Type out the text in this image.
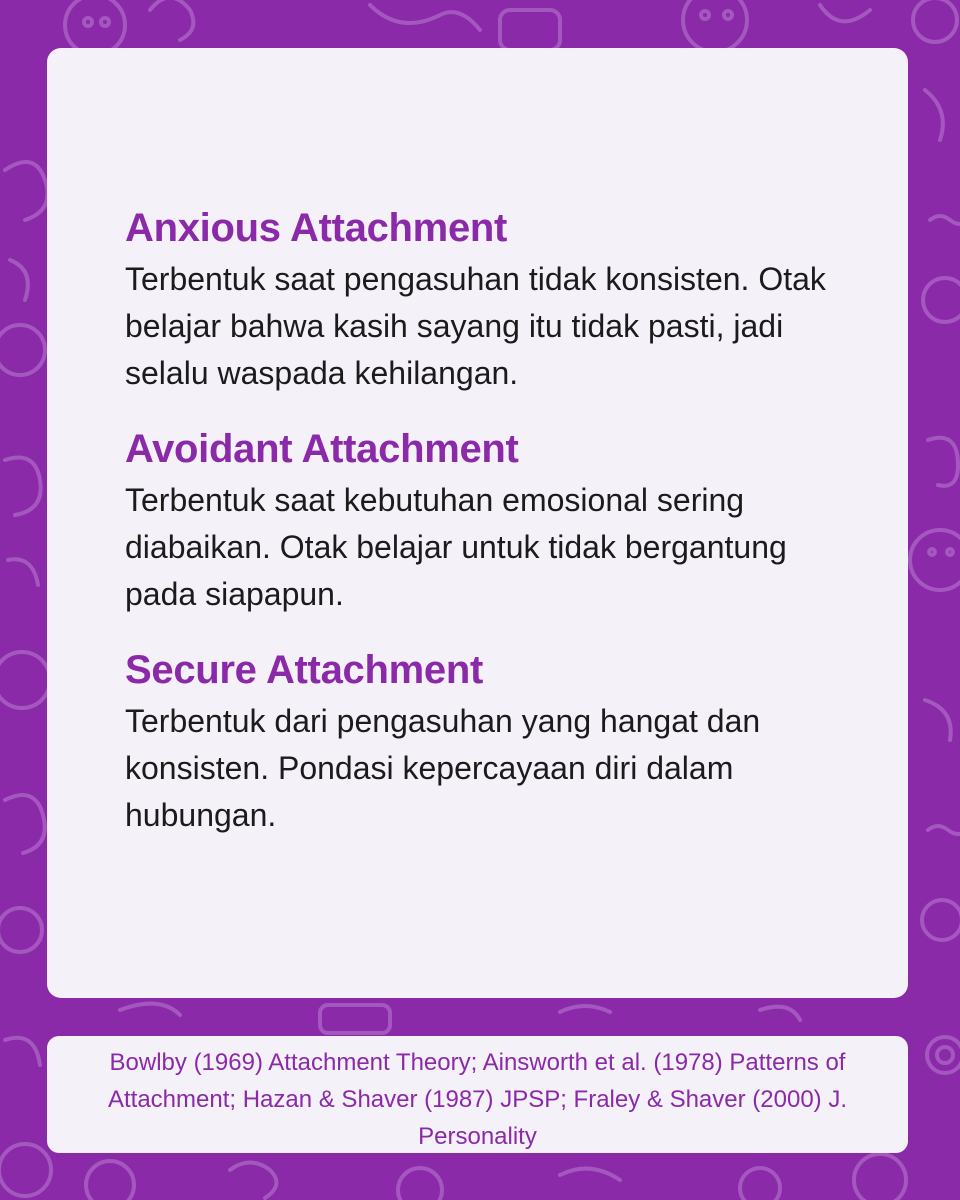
Anxious Attachment

Terbentuk saat pengasuhan tidak konsisten. Otak belajar bahwa kasih sayang itu tidak pasti, jadi selalu waspada kehilangan.

Avoidant Attachment

Terbentuk saat kebutuhan emosional sering diabaikan. Otak belajar untuk tidak bergantung pada siapapun.

Secure Attachment

Terbentuk dari pengasuhan yang hangat dan konsisten. Pondasi kepercayaan diri dalam hubungan.

Bowlby (1969) Attachment Theory; Ainsworth et al. (1978) Patterns of Attachment; Hazan & Shaver (1987) JPSP; Fraley & Shaver (2000) J. Personality
